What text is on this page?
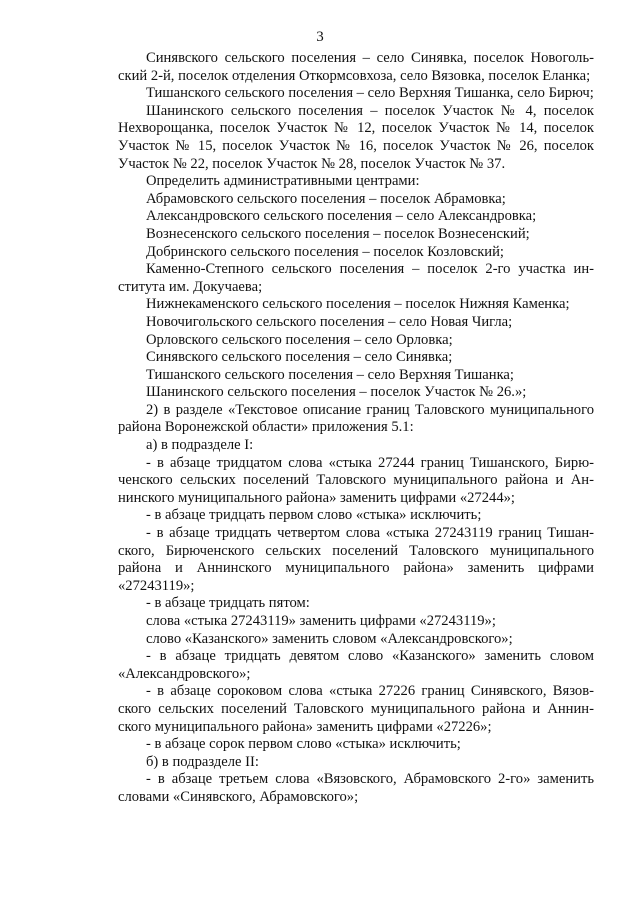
3

Синявского сельского поселения – село Синявка, поселок Новогольский 2-й, поселок отделения Откормсовхоза, село Вязовка, поселок Еланка;

Тишанского сельского поселения – село Верхняя Тишанка, село Бирюч;

Шанинского сельского поселения – поселок Участок № 4, поселок Нехворощанка, поселок Участок № 12, поселок Участок № 14, поселок Участок № 15, поселок Участок № 16, поселок Участок № 26, поселок Участок № 22, поселок Участок № 28, поселок Участок № 37.

Определить административными центрами:

Абрамовского сельского поселения – поселок Абрамовка;

Александровского сельского поселения – село Александровка;

Вознесенского сельского поселения – поселок Вознесенский;

Добринского сельского поселения – поселок Козловский;

Каменно-Степного сельского поселения – поселок 2-го участка института им. Докучаева;

Нижнекаменского сельского поселения – поселок Нижняя Каменка;

Новочигольского сельского поселения – село Новая Чигла;

Орловского сельского поселения – село Орловка;

Синявского сельского поселения – село Синявка;

Тишанского сельского поселения – село Верхняя Тишанка;

Шанинского сельского поселения – поселок Участок № 26.»;

2) в разделе «Текстовое описание границ Таловского муниципального района Воронежской области» приложения 5.1:

а) в подразделе I:

- в абзаце тридцатом слова «стыка 27244 границ Тишанского, Бирюченского сельских поселений Таловского муниципального района и Аннинского муниципального района» заменить цифрами «27244»;

- в абзаце тридцать первом слово «стыка» исключить;

- в абзаце тридцать четвертом слова «стыка 27243119 границ Тишанского, Бирюченского сельских поселений Таловского муниципального района и Аннинского муниципального района» заменить цифрами «27243119»;

- в абзаце тридцать пятом:

слова «стыка 27243119» заменить цифрами «27243119»;

слово «Казанского» заменить словом «Александровского»;

- в абзаце тридцать девятом слово «Казанского» заменить словом «Александровского»;

- в абзаце сороковом слова «стыка 27226 границ Синявского, Вязовского сельских поселений Таловского муниципального района и Аннинского муниципального района» заменить цифрами «27226»;

- в абзаце сорок первом слово «стыка» исключить;

б) в подразделе II:

- в абзаце третьем слова «Вязовского, Абрамовского 2-го» заменить словами «Синявского, Абрамовского»;
